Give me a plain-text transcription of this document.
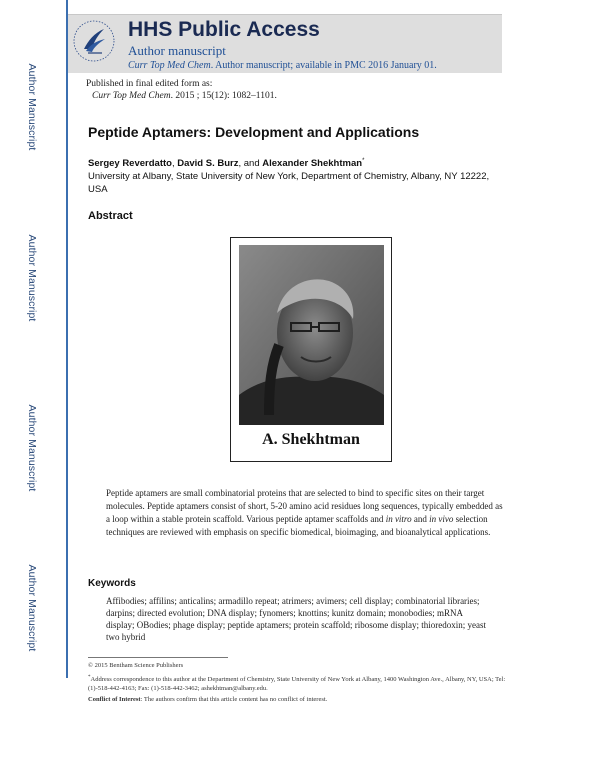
Author Manuscript
Author Manuscript
Author Manuscript
Author Manuscript
HHS Public Access
Author manuscript
Curr Top Med Chem. Author manuscript; available in PMC 2016 January 01.
Published in final edited form as:
Curr Top Med Chem. 2015 ; 15(12): 1082–1101.
Peptide Aptamers: Development and Applications
Sergey Reverdatto, David S. Burz, and Alexander Shekhtman*
University at Albany, State University of New York, Department of Chemistry, Albany, NY 12222, USA
Abstract
A. Shekhtman
Peptide aptamers are small combinatorial proteins that are selected to bind to specific sites on their target molecules. Peptide aptamers consist of short, 5-20 amino acid residues long sequences, typically embedded as a loop within a stable protein scaffold. Various peptide aptamer scaffolds and in vitro and in vivo selection techniques are reviewed with emphasis on specific biomedical, bioimaging, and bioanalytical applications.
Keywords
Affibodies; affilins; anticalins; armadillo repeat; atrimers; avimers; cell display; combinatorial libraries; darpins; directed evolution; DNA display; fynomers; knottins; kunitz domain; monobodies; mRNA display; OBodies; phage display; peptide aptamers; protein scaffold; ribosome display; thioredoxin; yeast two hybrid
© 2015 Bentham Science Publishers
*Address correspondence to this author at the Department of Chemistry, State University of New York at Albany, 1400 Washington Ave., Albany, NY, USA; Tel: (1)-518-442-4163; Fax: (1)-518-442-3462; ashekhtman@albany.edu.
Conflict of Interest: The authors confirm that this article content has no conflict of interest.
